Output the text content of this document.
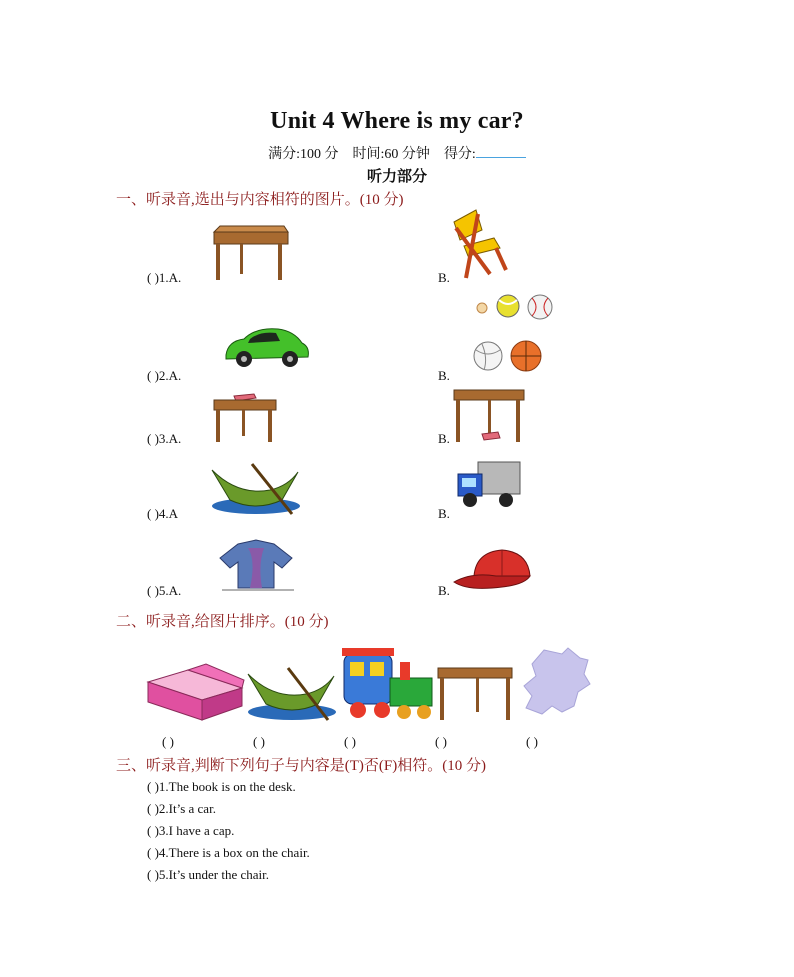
Unit 4 Where is my car?
满分:100 分 时间:60 分钟 得分:
听力部分
一、听录音,选出与内容相符的图片。(10 分)
( )1.A.	B.
( )2.A.	B.
( )3.A.	B.
( )4.A	B.
( )5.A.	B.
二、听录音,给图片排序。(10 分)
( )	( )	( )	( )	( )
三、听录音,判断下列句子与内容是(T)否(F)相符。(10 分)
( )1.The book is on the desk.
( )2.It’s a car.
( )3.I have a cap.
( )4.There is a box on the chair.
( )5.It’s under the chair.
